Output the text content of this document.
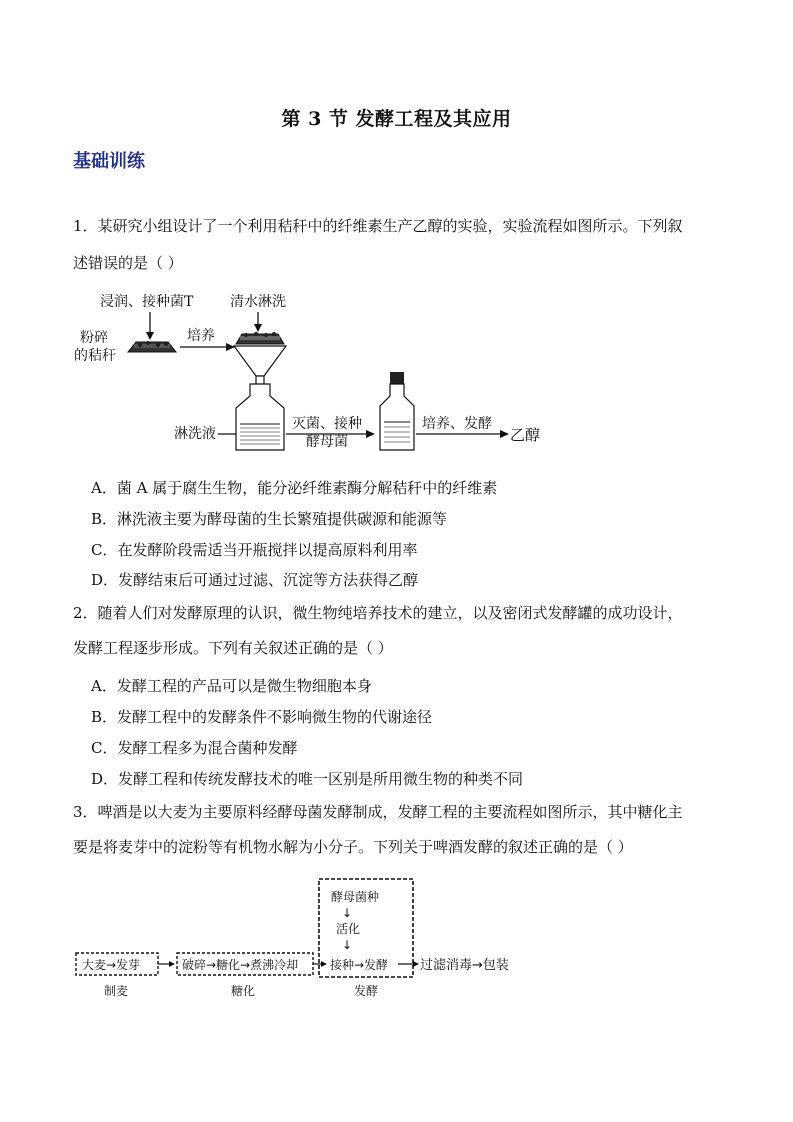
第 3 节 发酵工程及其应用
基础训练
1．某研究小组设计了一个利用秸秆中的纤维素生产乙醇的实验，实验流程如图所示。下列叙
述错误的是（ ）
浸润、接种菌T	清水淋洗
粉碎
的秸秆
培养
淋洗液
灭菌、接种
酵母菌
培养、发酵
乙醇
A．菌 A 属于腐生生物，能分泌纤维素酶分解秸秆中的纤维素
B．淋洗液主要为酵母菌的生长繁殖提供碳源和能源等
C．在发酵阶段需适当开瓶搅拌以提高原料利用率
D．发酵结束后可通过过滤、沉淀等方法获得乙醇
2．随着人们对发酵原理的认识，微生物纯培养技术的建立，以及密闭式发酵罐的成功设计，
发酵工程逐步形成。下列有关叙述正确的是（ ）
A．发酵工程的产品可以是微生物细胞本身
B．发酵工程中的发酵条件不影响微生物的代谢途径
C．发酵工程多为混合菌种发酵
D．发酵工程和传统发酵技术的唯一区别是所用微生物的种类不同
3．啤酒是以大麦为主要原料经酵母菌发酵制成，发酵工程的主要流程如图所示，其中糖化主
要是将麦芽中的淀粉等有机物水解为小分子。下列关于啤酒发酵的叙述正确的是（ ）
酵母菌种
↓
活化
↓
大麦→发芽	破碎→糖化→煮沸冷却	接种→发酵 过滤消毒→包装
制麦	糖化	发酵
